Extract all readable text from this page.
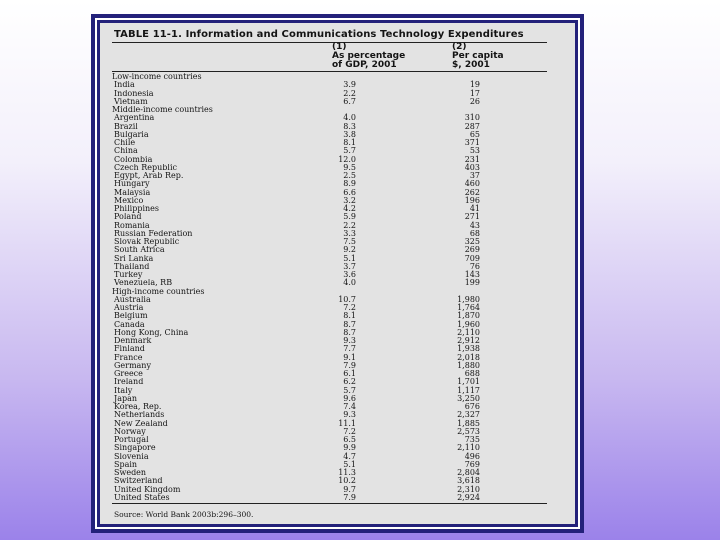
TABLE 11-1. Information and Communications Technology Expenditures
(1)
As percentage
of GDP, 2001
(2)
Per capita
$, 2001
Low-income countries
India	3.9	19
Indonesia	2.2	17
Vietnam	6.7	26
Middle-income countries
Argentina	4.0	310
Brazil	8.3	287
Bulgaria	3.8	65
Chile	8.1	371
China	5.7	53
Colombia	12.0	231
Czech Republic	9.5	403
Egypt, Arab Rep.	2.5	37
Hungary	8.9	460
Malaysia	6.6	262
Mexico	3.2	196
Philippines	4.2	41
Poland	5.9	271
Romania	2.2	43
Russian Federation	3.3	68
Slovak Republic	7.5	325
South Africa	9.2	269
Sri Lanka	5.1	709
Thailand	3.7	76
Turkey	3.6	143
Venezuela, RB	4.0	199
High-income countries
Australia	10.7	1,980
Austria	7.2	1,764
Belgium	8.1	1,870
Canada	8.7	1,960
Hong Kong, China	8.7	2,110
Denmark	9.3	2,912
Finland	7.7	1,938
France	9.1	2,018
Germany	7.9	1,880
Greece	6.1	688
Ireland	6.2	1,701
Italy	5.7	1,117
Japan	9.6	3,250
Korea, Rep.	7.4	676
Netherlands	9.3	2,327
New Zealand	11.1	1,885
Norway	7.2	2,573
Portugal	6.5	735
Singapore	9.9	2,110
Slovenia	4.7	496
Spain	5.1	769
Sweden	11.3	2,804
Switzerland	10.2	3,618
United Kingdom	9.7	2,310
United States	7.9	2,924
Source: World Bank 2003b:296–300.
